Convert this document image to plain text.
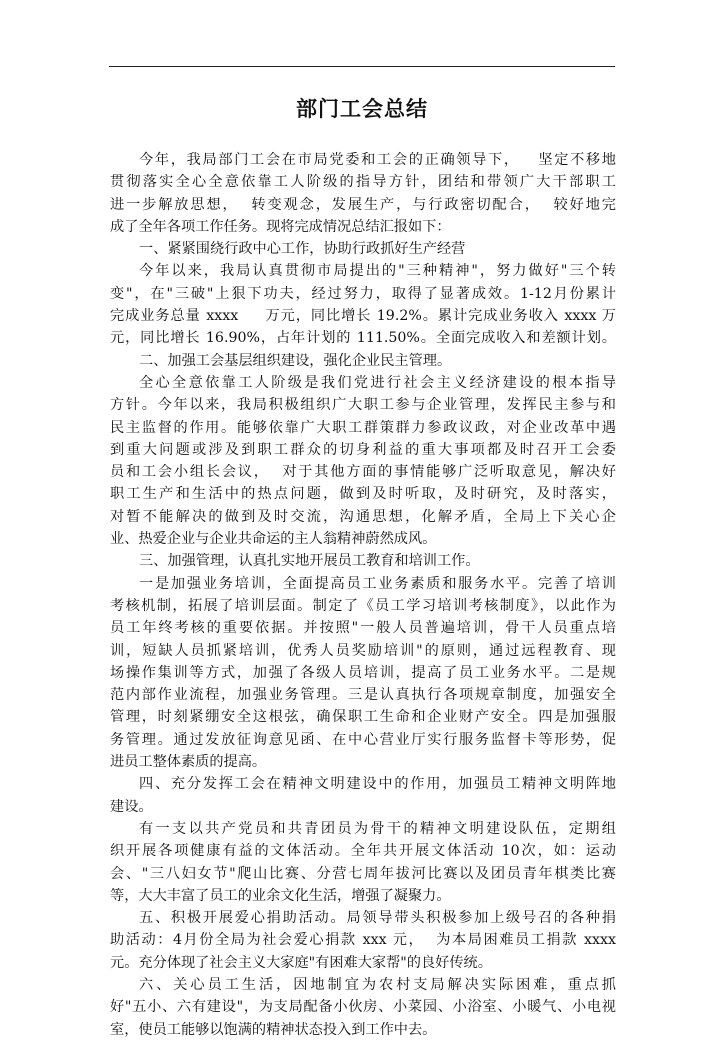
部门工会总结
今年，我局部门工会在市局党委和工会的正确领导下，   坚定不移地
贯彻落实全心全意依靠工人阶级的指导方针，团结和带领广大干部职工
进一步解放思想，  转变观念，发展生产，与行政密切配合，  较好地完
成了全年各项工作任务。现将完成情况总结汇报如下：
一、紧紧围绕行政中心工作，协助行政抓好生产经营
今年以来，我局认真贯彻市局提出的"三种精神"，努力做好"三个转
变"，在"三破"上狠下功夫，经过努力，取得了显著成效。1-12月份累计
完成业务总量 xxxx     万元，同比增长 19.2%。累计完成业务收入 xxxx 万
元，同比增长 16.90%，占年计划的 111.50%。全面完成收入和差额计划。
二、加强工会基层组织建设，强化企业民主管理。
全心全意依靠工人阶级是我们党进行社会主义经济建设的根本指导
方针。今年以来，我局积极组织广大职工参与企业管理，发挥民主参与和
民主监督的作用。能够依靠广大职工群策群力参政议政，对企业改革中遇
到重大问题或涉及到职工群众的切身利益的重大事项都及时召开工会委
员和工会小组长会议，  对于其他方面的事情能够广泛听取意见，解决好
职工生产和生活中的热点问题，做到及时听取，及时研究，及时落实，
对暂不能解决的做到及时交流，沟通思想，化解矛盾，全局上下关心企
业、热爱企业与企业共命运的主人翁精神蔚然成风。
三、加强管理，认真扎实地开展员工教育和培训工作。
一是加强业务培训，全面提高员工业务素质和服务水平。完善了培训
考核机制，拓展了培训层面。制定了《员工学习培训考核制度》，以此作为
员工年终考核的重要依据。并按照"一般人员普遍培训，骨干人员重点培
训，短缺人员抓紧培训，优秀人员奖励培训"的原则，通过远程教育、现
场操作集训等方式，加强了各级人员培训，提高了员工业务水平。二是规
范内部作业流程，加强业务管理。三是认真执行各项规章制度，加强安全
管理，时刻紧绷安全这根弦，确保职工生命和企业财产安全。四是加强服
务管理。通过发放征询意见函、在中心营业厅实行服务监督卡等形势，促
进员工整体素质的提高。
四、充分发挥工会在精神文明建设中的作用，加强员工精神文明阵地
建设。
有一支以共产党员和共青团员为骨干的精神文明建设队伍，定期组
织开展各项健康有益的文体活动。全年共开展文体活动 10次，如：运动
会、"三八妇女节"爬山比赛、分营七周年拔河比赛以及团员青年棋类比赛
等，大大丰富了员工的业余文化生活，增强了凝聚力。
五、积极开展爱心捐助活动。局领导带头积极参加上级号召的各种捐
助活动：4月份全局为社会爱心捐款 xxx 元，  为本局困难员工捐款 xxxx
元。充分体现了社会主义大家庭"有困难大家帮"的良好传统。
六、关心员工生活，因地制宜为农村支局解决实际困难，重点抓
好"五小、六有建设"，为支局配备小伙房、小菜园、小浴室、小暖气、小电视
室，使员工能够以饱满的精神状态投入到工作中去。
